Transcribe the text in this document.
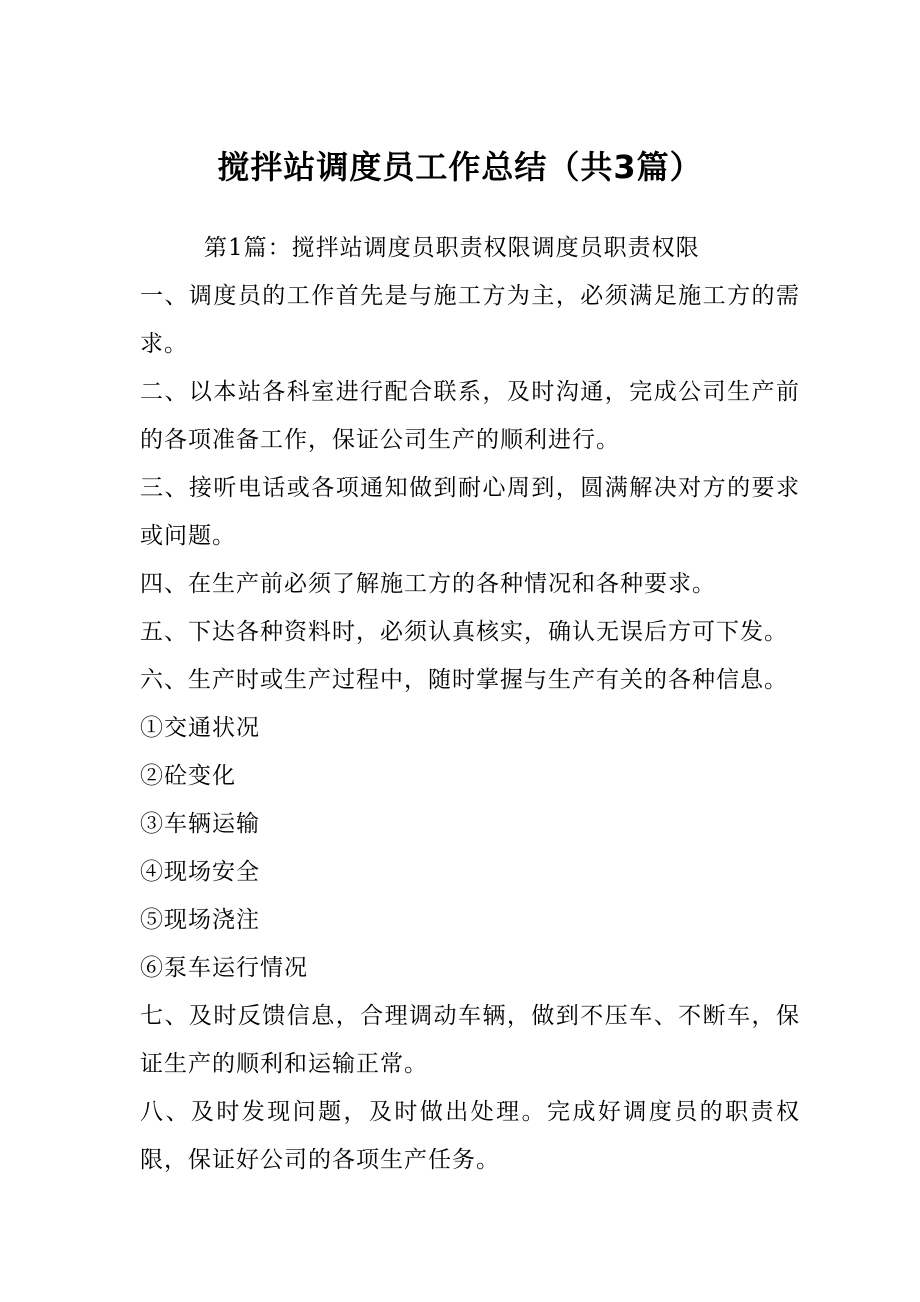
搅拌站调度员工作总结（共3篇）

第1篇：搅拌站调度员职责权限调度员职责权限

一、调度员的工作首先是与施工方为主，必须满足施工方的需求。

二、以本站各科室进行配合联系，及时沟通，完成公司生产前的各项准备工作，保证公司生产的顺利进行。

三、接听电话或各项通知做到耐心周到，圆满解决对方的要求或问题。

四、在生产前必须了解施工方的各种情况和各种要求。

五、下达各种资料时，必须认真核实，确认无误后方可下发。

六、生产时或生产过程中，随时掌握与生产有关的各种信息。

①交通状况

②砼变化

③车辆运输

④现场安全

⑤现场浇注

⑥泵车运行情况

七、及时反馈信息，合理调动车辆，做到不压车、不断车，保证生产的顺利和运输正常。

八、及时发现问题，及时做出处理。完成好调度员的职责权限，保证好公司的各项生产任务。
